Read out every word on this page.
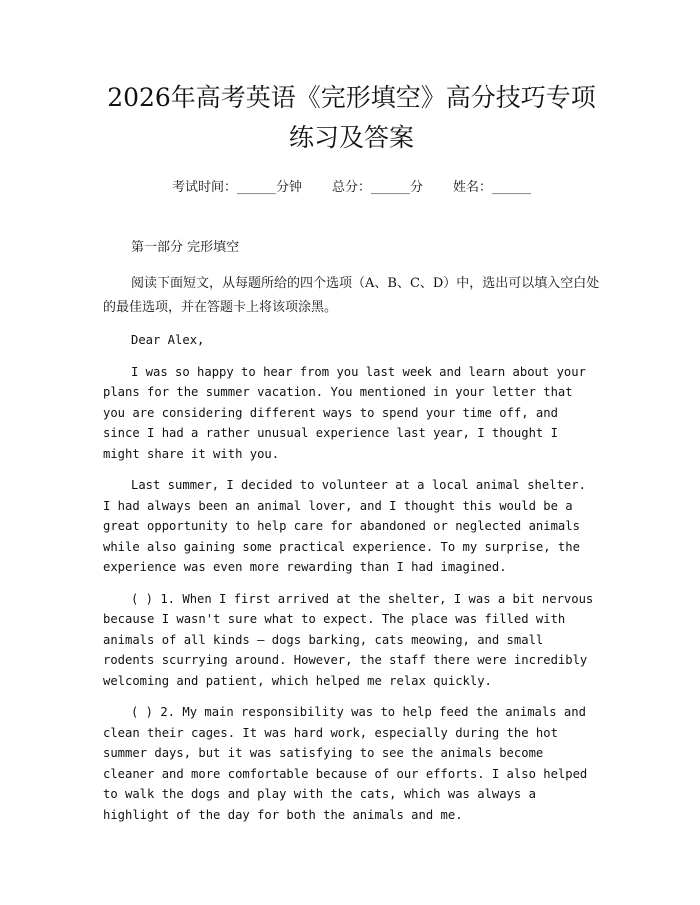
2026年高考英语《完形填空》高分技巧专项
练习及答案
考试时间：______分钟 总分：______分 姓名：______

第一部分 完形填空

阅读下面短文，从每题所给的四个选项（A、B、C、D）中，选出可以填入空白处的最佳选项，并在答题卡上将该项涂黑。

Dear Alex,

I was so happy to hear from you last week and learn about your plans for the summer vacation. You mentioned in your letter that you are considering different ways to spend your time off, and since I had a rather unusual experience last year, I thought I might share it with you.

Last summer, I decided to volunteer at a local animal shelter. I had always been an animal lover, and I thought this would be a great opportunity to help care for abandoned or neglected animals while also gaining some practical experience. To my surprise, the experience was even more rewarding than I had imagined.

( ) 1. When I first arrived at the shelter, I was a bit nervous because I wasn't sure what to expect. The place was filled with animals of all kinds – dogs barking, cats meowing, and small rodents scurrying around. However, the staff there were incredibly welcoming and patient, which helped me relax quickly.

( ) 2. My main responsibility was to help feed the animals and clean their cages. It was hard work, especially during the hot summer days, but it was satisfying to see the animals become cleaner and more comfortable because of our efforts. I also helped to walk the dogs and play with the cats, which was always a highlight of the day for both the animals and me.
